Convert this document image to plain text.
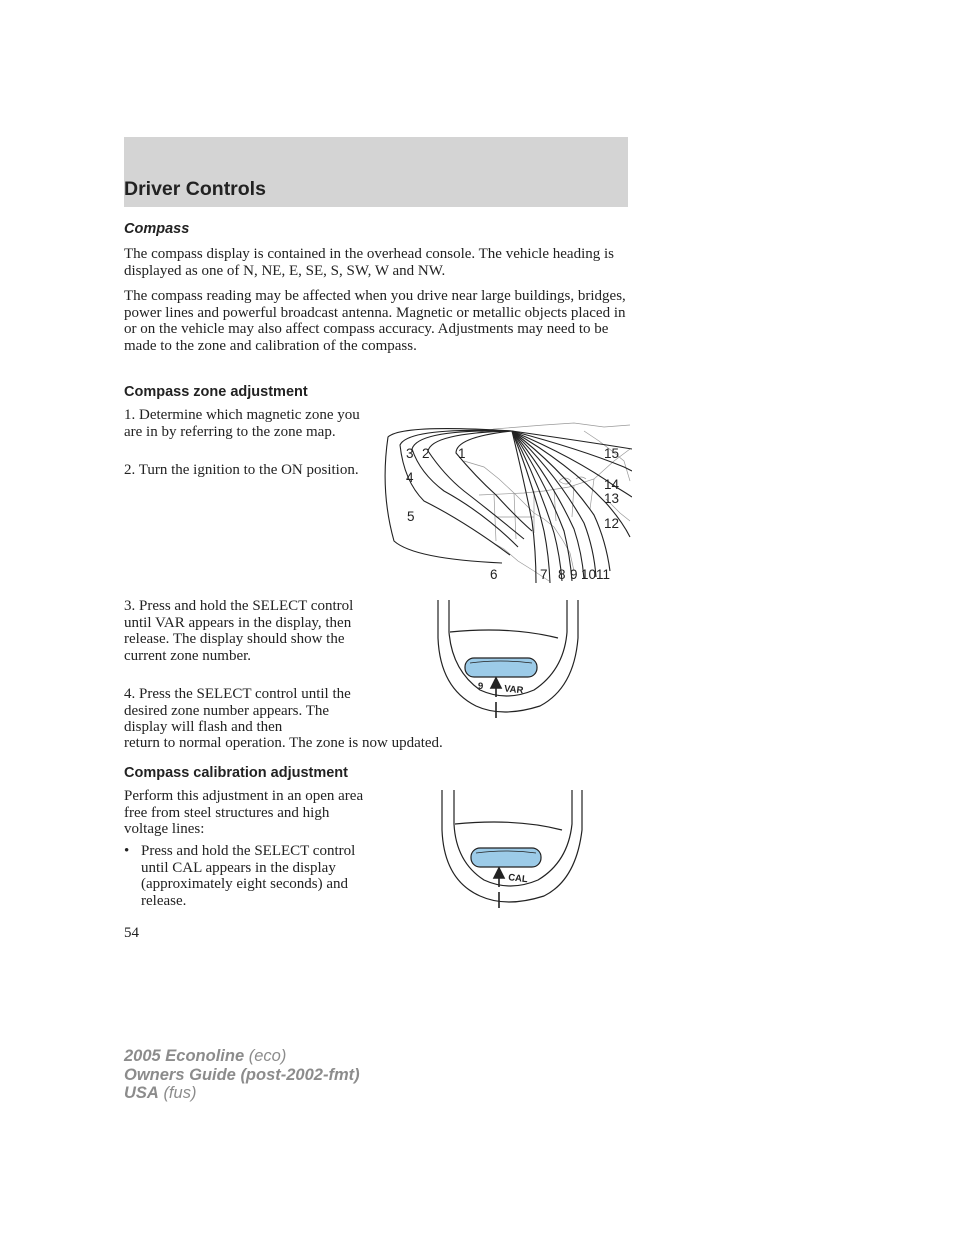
Driver Controls
Compass

The compass display is contained in the overhead console. The vehicle heading is displayed as one of N, NE, E, SE, S, SW, W and NW.

The compass reading may be affected when you drive near large buildings, bridges, power lines and powerful broadcast antenna. Magnetic or metallic objects placed in or on the vehicle may also affect compass accuracy. Adjustments may need to be made to the zone and calibration of the compass.

Compass zone adjustment

1. Determine which magnetic zone you are in by referring to the zone map.

2. Turn the ignition to the ON position.

3 2 1
4
5
6	7 8 9 10 11
12
13
14
15

3. Press and hold the SELECT control until VAR appears in the display, then release. The display should show the current zone number.

4. Press the SELECT control until the desired zone number appears. The display will flash and then

return to normal operation. The zone is now updated.

9 VAR
Compass calibration adjustment

Perform this adjustment in an open area free from steel structures and high voltage lines:

• Press and hold the SELECT control until CAL appears in the display (approximately eight seconds) and release.

CAL
54
2005 Econoline (eco)
Owners Guide (post-2002-fmt)
USA (fus)
